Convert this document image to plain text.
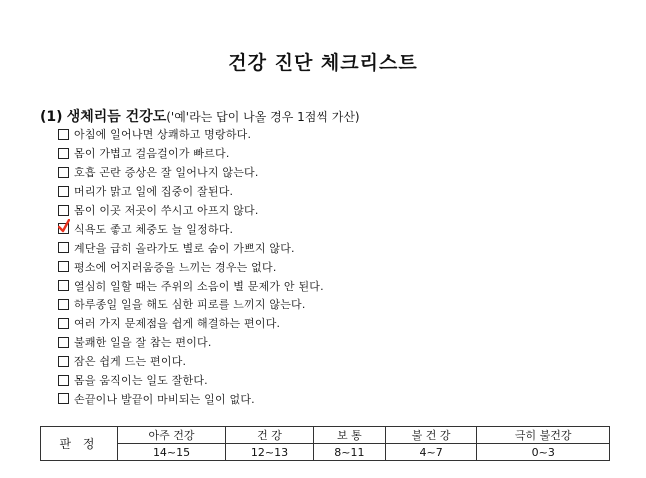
건강 진단 체크리스트
(1) 생체리듬 건강도('예'라는 답이 나올 경우 1점씩 가산)
아침에 일어나면 상쾌하고 명랑하다.
몸이 가볍고 걸음걸이가 빠르다.
호흡 곤란 증상은 잘 일어나지 않는다.
머리가 맑고 일에 집중이 잘된다.
몸이 이곳 저곳이 쑤시고 아프지 않다.
식욕도 좋고 체중도 늘 일정하다.
계단을 급히 올라가도 별로 숨이 가쁘지 않다.
평소에 어지러움증을 느끼는 경우는 없다.
열심히 일할 때는 주위의 소음이 별 문제가 안 된다.
하루종일 일을 해도 심한 피로를 느끼지 않는다.
여러 가지 문제점을 쉽게 해결하는 편이다.
불쾌한 일을 잘 참는 편이다.
잠은 쉽게 드는 편이다.
몸을 움직이는 일도 잘한다.
손끝이나 발끝이 마비되는 일이 없다.
판 정	아주 건강	건 강	보 통	불 건 강	극히 불건강
	14~15	12~13	8~11	4~7	0~3
